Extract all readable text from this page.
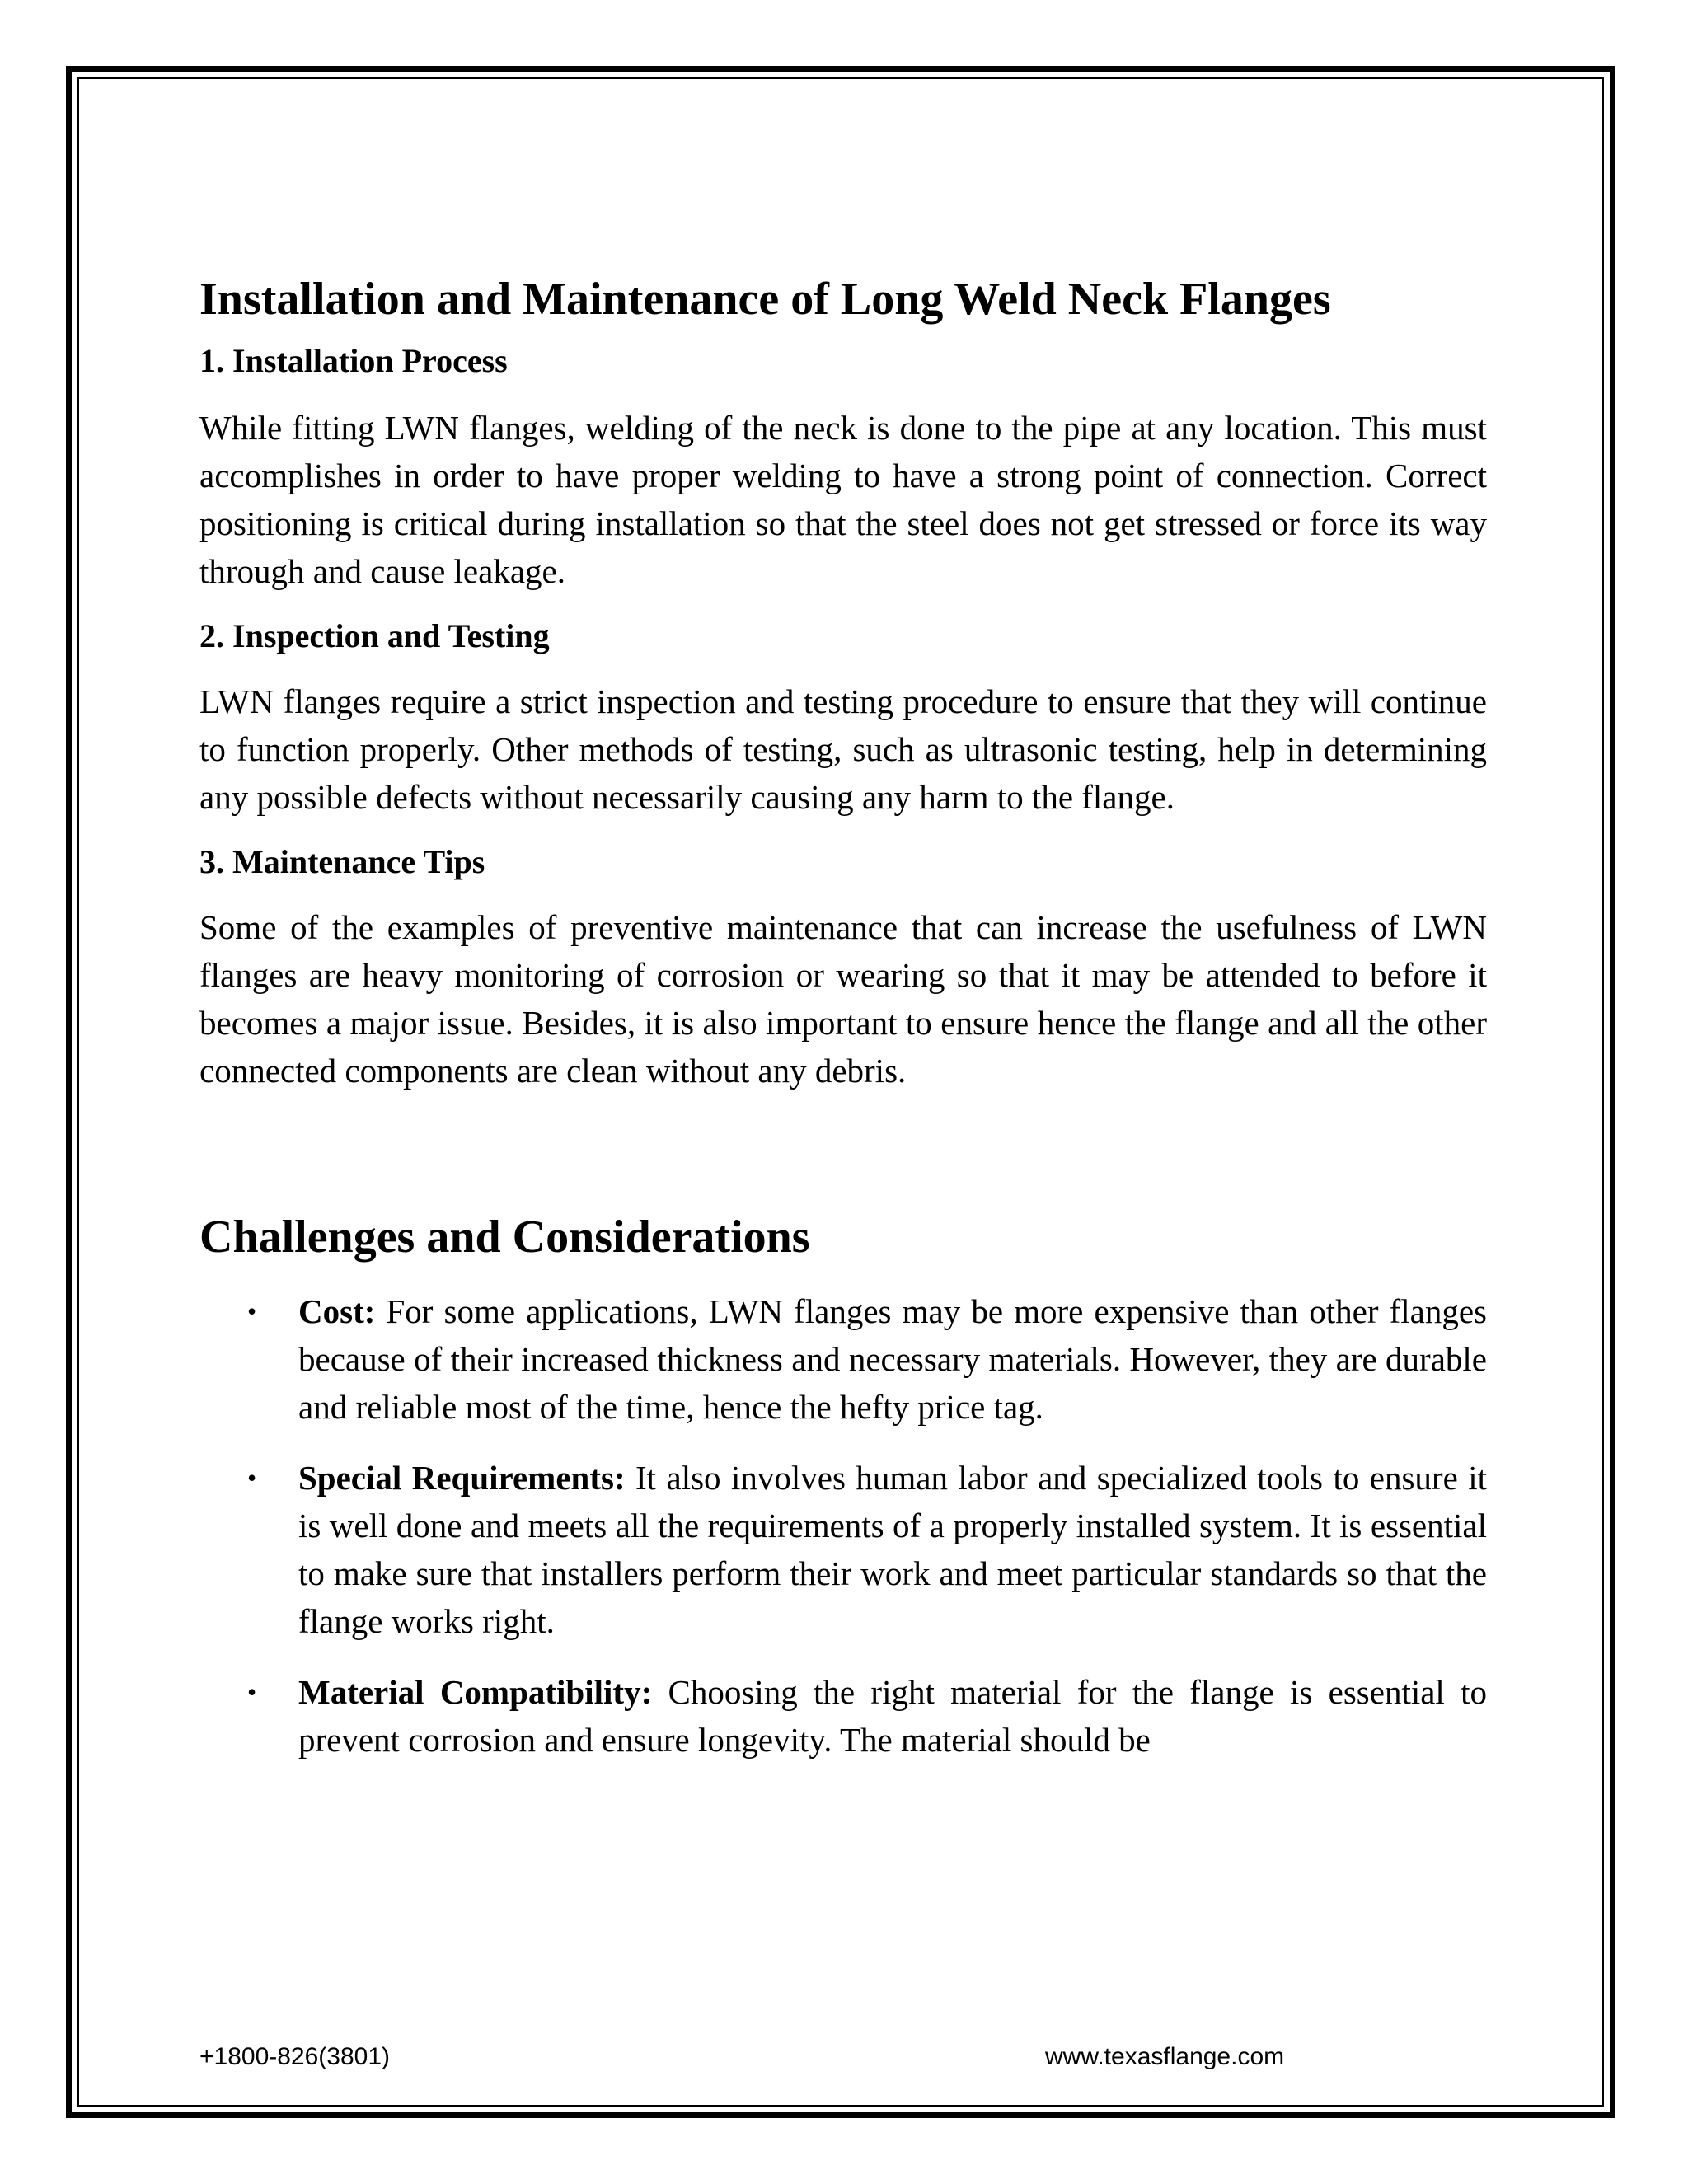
Installation and Maintenance of Long Weld Neck Flanges
1. Installation Process

While fitting LWN flanges, welding of the neck is done to the pipe at any location. This must accomplishes in order to have proper welding to have a strong point of connection. Correct positioning is critical during installation so that the steel does not get stressed or force its way through and cause leakage.

2. Inspection and Testing

LWN flanges require a strict inspection and testing procedure to ensure that they will continue to function properly. Other methods of testing, such as ultrasonic testing, help in determining any possible defects without necessarily causing any harm to the flange.

3. Maintenance Tips

Some of the examples of preventive maintenance that can increase the usefulness of LWN flanges are heavy monitoring of corrosion or wearing so that it may be attended to before it becomes a major issue. Besides, it is also important to ensure hence the flange and all the other connected components are clean without any debris.

Challenges and Considerations
• Cost: For some applications, LWN flanges may be more expensive than other flanges because of their increased thickness and necessary materials. However, they are durable and reliable most of the time, hence the hefty price tag.
• Special Requirements: It also involves human labor and specialized tools to ensure it is well done and meets all the requirements of a properly installed system. It is essential to make sure that installers perform their work and meet particular standards so that the flange works right.
• Material Compatibility: Choosing the right material for the flange is essential to prevent corrosion and ensure longevity. The material should be
+1800-826(3801)	www.texasflange.com
